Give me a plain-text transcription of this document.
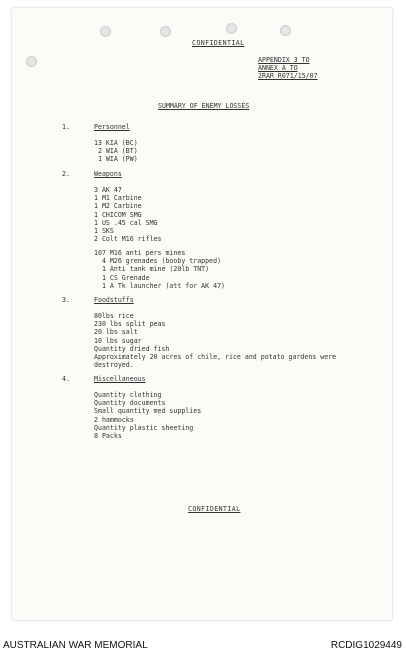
CONFIDENTIAL
APPENDIX 3 TO
ANNEX A TO
2RAR R071/15/07
SUMMARY OF ENEMY LOSSES
1.	Personnel
13 KIA (BC)
2 WIA (BT)
1 WIA (PW)
2.	Weapons
3 AK 47
1 M1 Carbine
1 M2 Carbine
1 CHICOM SMG
1 US .45 cal SMG
1 SKS
2 Colt M16 rifles
107 M16 anti pers mines
4 M26 grenades (booby trapped)
1 Anti tank mine (20lb TNT)
1 CS Grenade
1 A Tk launcher (att for AK 47)
3.	Foodstuffs
80lbs rice
230 lbs split peas
20 lbs salt
10 lbs sugar
Quantity dried fish
Approximately 20 acres of chile, rice and potato gardens were
destroyed.
4.	Miscellaneous
Quantity clothing
Quantity documents
Small quantity med supplies
2 hammocks
Quantity plastic sheeting
8 Packs
CONFIDENTIAL
AUSTRALIAN WAR MEMORIAL	RCDIG1029449
